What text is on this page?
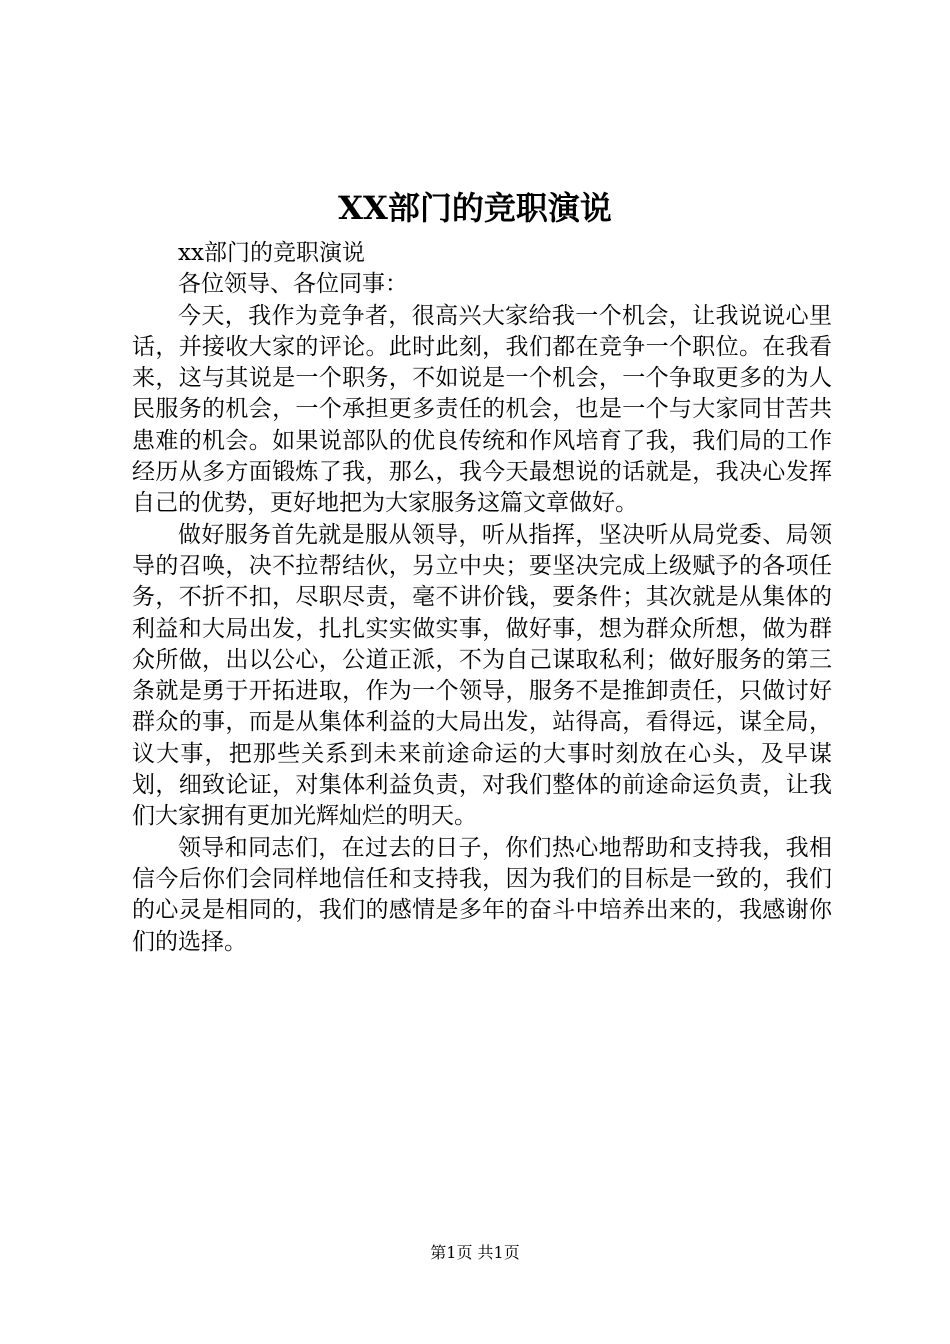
XX部门的竞职演说

xx部门的竞职演说

各位领导、各位同事：

今天，我作为竞争者，很高兴大家给我一个机会，让我说说心里话，并接收大家的评论。此时此刻，我们都在竞争一个职位。在我看来，这与其说是一个职务，不如说是一个机会，一个争取更多的为人民服务的机会，一个承担更多责任的机会，也是一个与大家同甘苦共患难的机会。如果说部队的优良传统和作风培育了我，我们局的工作经历从多方面锻炼了我，那么，我今天最想说的话就是，我决心发挥自己的优势，更好地把为大家服务这篇文章做好。

做好服务首先就是服从领导，听从指挥，坚决听从局党委、局领导的召唤，决不拉帮结伙，另立中央；要坚决完成上级赋予的各项任务，不折不扣，尽职尽责，毫不讲价钱，要条件；其次就是从集体的利益和大局出发，扎扎实实做实事，做好事，想为群众所想，做为群众所做，出以公心，公道正派，不为自己谋取私利；做好服务的第三条就是勇于开拓进取，作为一个领导，服务不是推卸责任，只做讨好群众的事，而是从集体利益的大局出发，站得高，看得远，谋全局，议大事，把那些关系到未来前途命运的大事时刻放在心头，及早谋划，细致论证，对集体利益负责，对我们整体的前途命运负责，让我们大家拥有更加光辉灿烂的明天。

领导和同志们，在过去的日子，你们热心地帮助和支持我，我相信今后你们会同样地信任和支持我，因为我们的目标是一致的，我们的心灵是相同的，我们的感情是多年的奋斗中培养出来的，我感谢你们的选择。

第1页 共1页
